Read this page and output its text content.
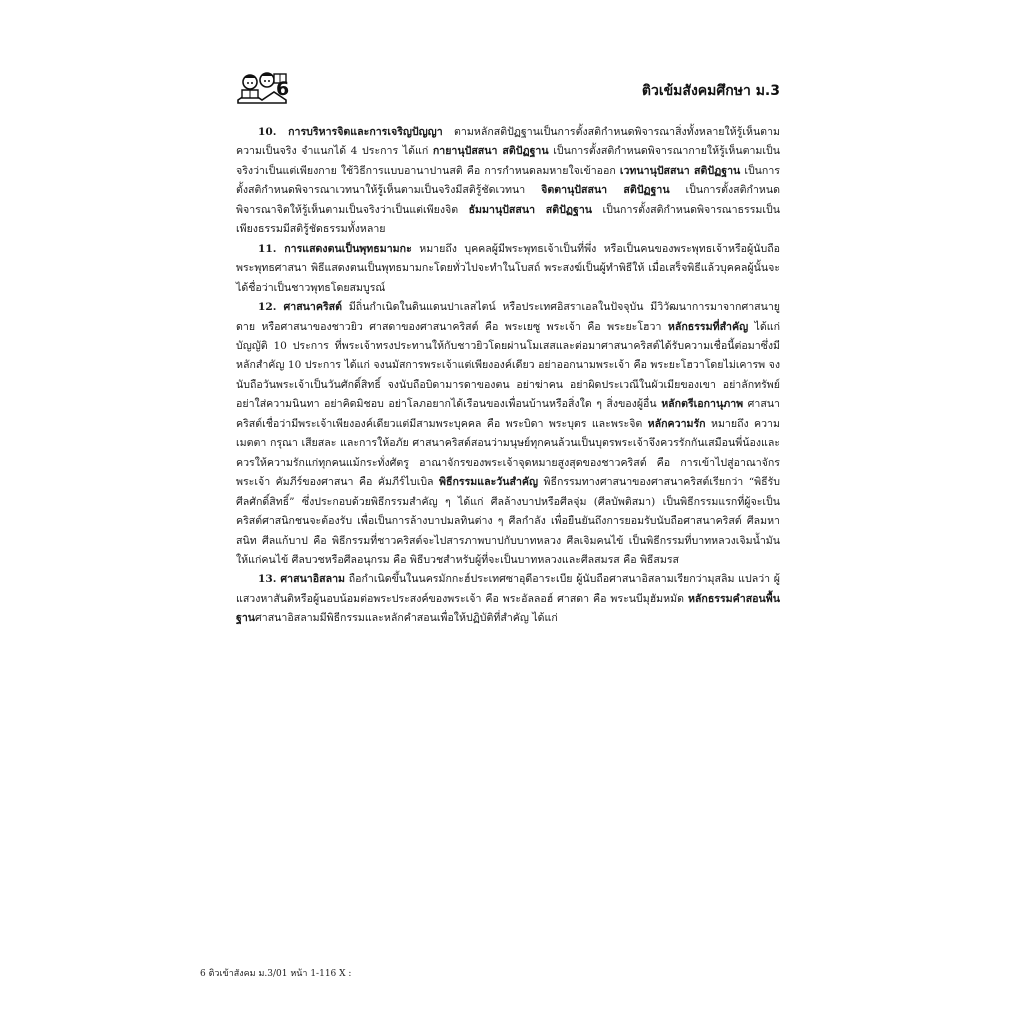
6	ติวเข้มสังคมศึกษา ม.3

10. การบริหารจิตและการเจริญปัญญา ตามหลักสติปัฏฐานเป็นการตั้งสติกำหนดพิจารณาสิ่งทั้งหลายให้รู้เห็นตามความเป็นจริง จำแนกได้ 4 ประการ ได้แก่ กายานุปัสสนา สติปัฏฐาน เป็นการตั้งสติกำหนดพิจารณากายให้รู้เห็นตามเป็นจริงว่าเป็นแต่เพียงกาย ใช้วิธีการแบบอานาปานสติ คือ การกำหนดลมหายใจเข้าออก เวทนานุปัสสนา สติปัฏฐาน เป็นการตั้งสติกำหนดพิจารณาเวทนาให้รู้เห็นตามเป็นจริงมีสติรู้ชัดเวทนา จิตตานุปัสสนา สติปัฏฐาน เป็นการตั้งสติกำหนดพิจารณาจิตให้รู้เห็นตามเป็นจริงว่าเป็นแต่เพียงจิต ธัมมานุปัสสนา สติปัฏฐาน เป็นการตั้งสติกำหนดพิจารณาธรรมเป็นเพียงธรรมมีสติรู้ชัดธรรมทั้งหลาย

11. การแสดงตนเป็นพุทธมามกะ หมายถึง บุคคลผู้มีพระพุทธเจ้าเป็นที่พึ่ง หรือเป็นคนของพระพุทธเจ้าหรือผู้นับถือพระพุทธศาสนา พิธีแสดงตนเป็นพุทธมามกะโดยทั่วไปจะทำในโบสถ์ พระสงฆ์เป็นผู้ทำพิธีให้ เมื่อเสร็จพิธีแล้วบุคคลผู้นั้นจะได้ชื่อว่าเป็นชาวพุทธโดยสมบูรณ์

12. ศาสนาคริสต์ มีถิ่นกำเนิดในดินแดนปาเลสไตน์ หรือประเทศอิสราเอลในปัจจุบัน มีวิวัฒนาการมาจากศาสนายูดาย หรือศาสนาของชาวยิว ศาสดาของศาสนาคริสต์ คือ พระเยซู พระเจ้า คือ พระยะโฮวา หลักธรรมที่สำคัญ ได้แก่ บัญญัติ 10 ประการ ที่พระเจ้าทรงประทานให้กับชาวยิวโดยผ่านโมเสสและต่อมาศาสนาคริสต์ได้รับความเชื่อนี้ต่อมาซึ่งมีหลักสำคัญ 10 ประการ ได้แก่ จงนมัสการพระเจ้าแต่เพียงองค์เดียว อย่าออกนามพระเจ้า คือ พระยะโฮวาโดยไม่เคารพ จงนับถือวันพระเจ้าเป็นวันศักดิ์สิทธิ์ จงนับถือบิดามารดาของตน อย่าฆ่าคน อย่าผิดประเวณีในผัวเมียของเขา อย่าลักทรัพย์ อย่าใส่ความนินทา อย่าคิดมิชอบ อย่าโลภอยากได้เรือนของเพื่อนบ้านหรือสิ่งใด ๆ สิ่งของผู้อื่น หลักตรีเอกานุภาพ ศาสนาคริสต์เชื่อว่ามีพระเจ้าเพียงองค์เดียวแต่มีสามพระบุคคล คือ พระบิดา พระบุตร และพระจิต หลักความรัก หมายถึง ความเมตตา กรุณา เสียสละ และการให้อภัย ศาสนาคริสต์สอนว่ามนุษย์ทุกคนล้วนเป็นบุตรพระเจ้าจึงควรรักกันเสมือนพี่น้องและควรให้ความรักแก่ทุกคนแม้กระทั่งศัตรู อาณาจักรของพระเจ้าจุดหมายสูงสุดของชาวคริสต์ คือ การเข้าไปสู่อาณาจักรพระเจ้า คัมภีร์ของศาสนา คือ คัมภีร์ไบเบิล พิธีกรรมและวันสำคัญ พิธีกรรมทางศาสนาของศาสนาคริสต์เรียกว่า “พิธีรับศีลศักดิ์สิทธิ์” ซึ่งประกอบด้วยพิธีกรรมสำคัญ ๆ ได้แก่ ศีลล้างบาปหรือศีลจุ่ม (ศีลบัพติสมา) เป็นพิธีกรรมแรกที่ผู้จะเป็นคริสต์ศาสนิกชนจะต้องรับ เพื่อเป็นการล้างบาปมลทินต่าง ๆ ศีลกำลัง เพื่อยืนยันถึงการยอมรับนับถือศาสนาคริสต์ ศีลมหาสนิท ศีลแก้บาป คือ พิธีกรรมที่ชาวคริสต์จะไปสารภาพบาปกับบาทหลวง ศีลเจิมคนไข้ เป็นพิธีกรรมที่บาทหลวงเจิมน้ำมันให้แก่คนไข้ ศีลบวชหรือศีลอนุกรม คือ พิธีบวชสำหรับผู้ที่จะเป็นบาทหลวงและศีลสมรส คือ พิธีสมรส

13. ศาสนาอิสลาม ถือกำเนิดขึ้นในนครมักกะฮ์ประเทศซาอุดีอาระเบีย ผู้นับถือศาสนาอิสลามเรียกว่ามุสลิม แปลว่า ผู้แสวงหาสันติหรือผู้นอบน้อมต่อพระประสงค์ของพระเจ้า คือ พระอัลลอฮ์ ศาสดา คือ พระนบีมุฮัมหมัด หลักธรรมคำสอนพื้นฐานศาสนาอิสลามมีพิธีกรรมและหลักคำสอนเพื่อให้ปฏิบัติที่สำคัญ ได้แก่

6 ติวเข้าสังคม ม.3/01 หน้า 1-116 X :
